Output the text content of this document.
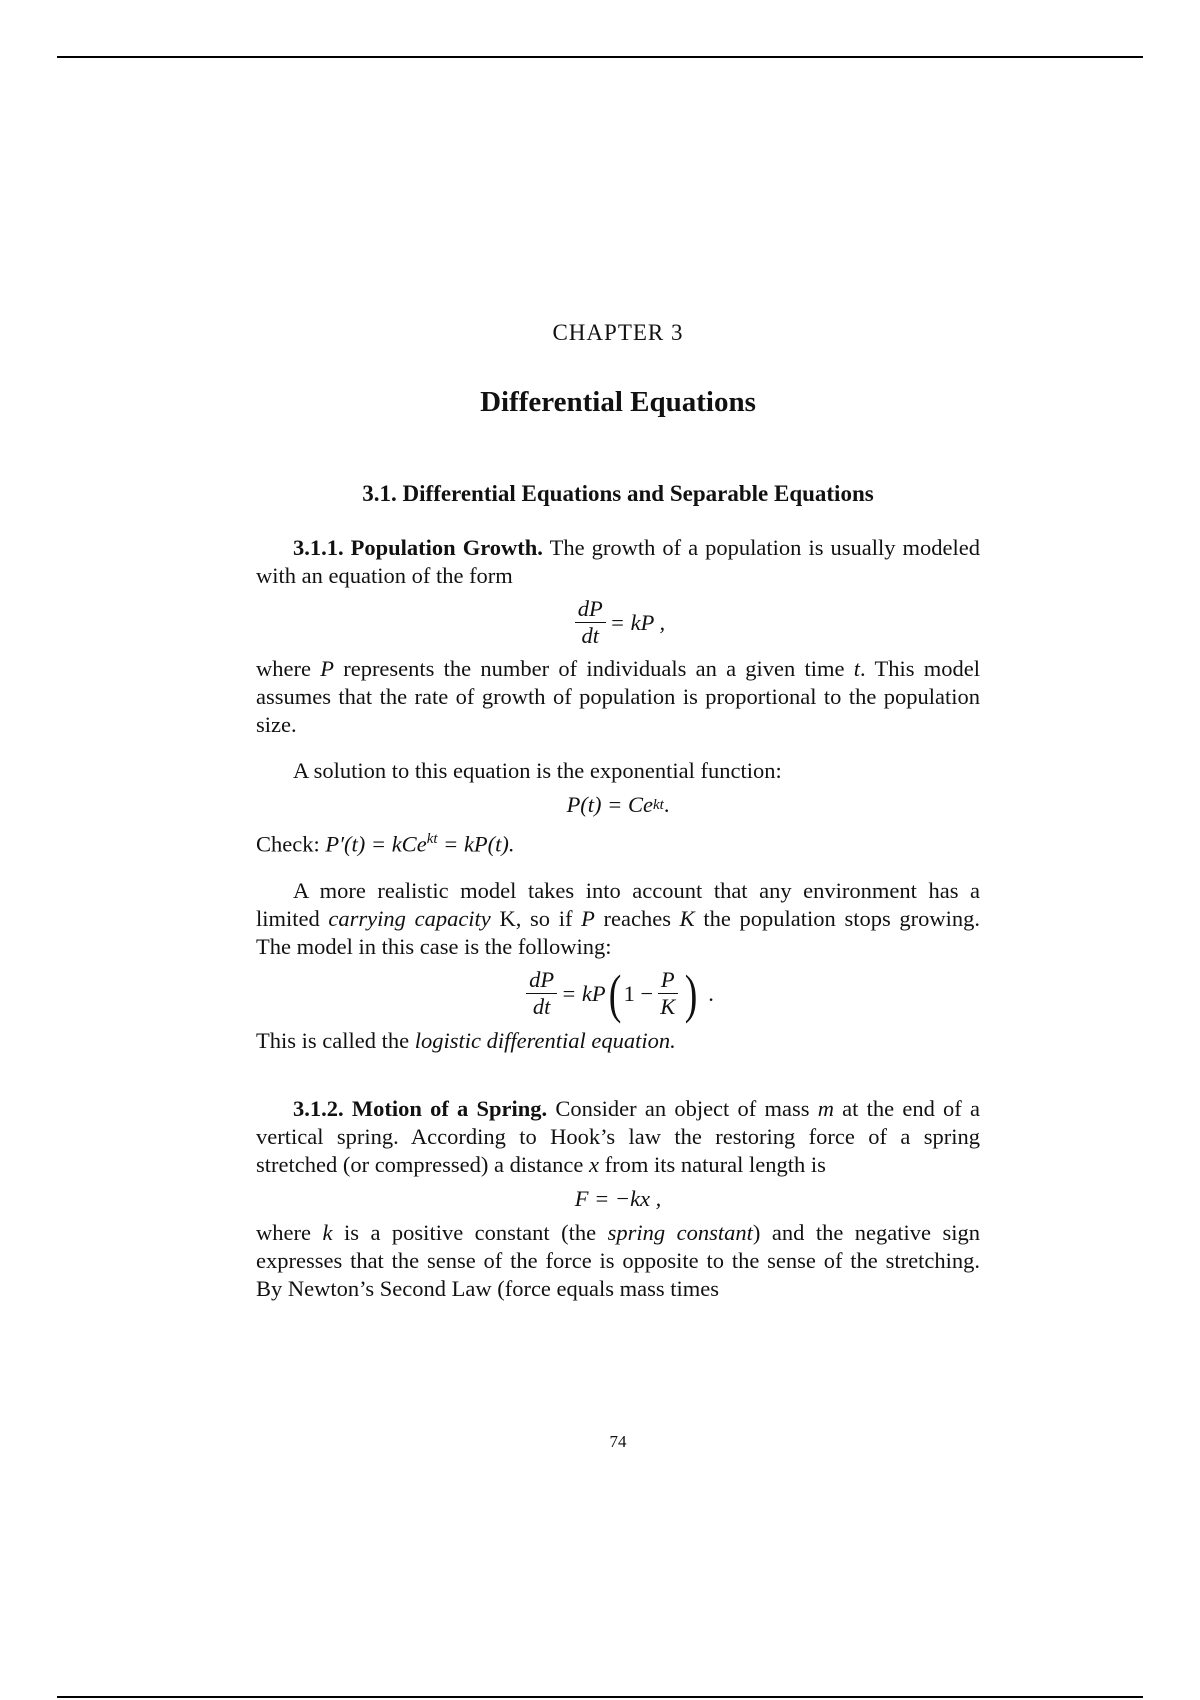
CHAPTER 3
Differential Equations
3.1. Differential Equations and Separable Equations

3.1.1. Population Growth. The growth of a population is usually modeled with an equation of the form

$\frac{dP}{dt}$ = kP ,

where P represents the number of individuals an a given time t. This model assumes that the rate of growth of population is proportional to the population size.

A solution to this equation is the exponential function:

P(t) = Ce kt .

Check: P′(t) = kCe$^{kt}$ = kP(t).

A more realistic model takes into account that any environment has a limited carrying capacity K, so if P reaches K the population stops growing. The model in this case is the following:

$\frac{dP}{dt}$ = kP ( $1 - \frac{P}{K}$ ) .

This is called the logistic differential equation.

3.1.2. Motion of a Spring. Consider an object of mass m at the end of a vertical spring. According to Hook’s law the restoring force of a spring stretched (or compressed) a distance x from its natural length is

F = −kx ,

where k is a positive constant (the spring constant) and the negative sign expresses that the sense of the force is opposite to the sense of the stretching. By Newton’s Second Law (force equals mass times

74
